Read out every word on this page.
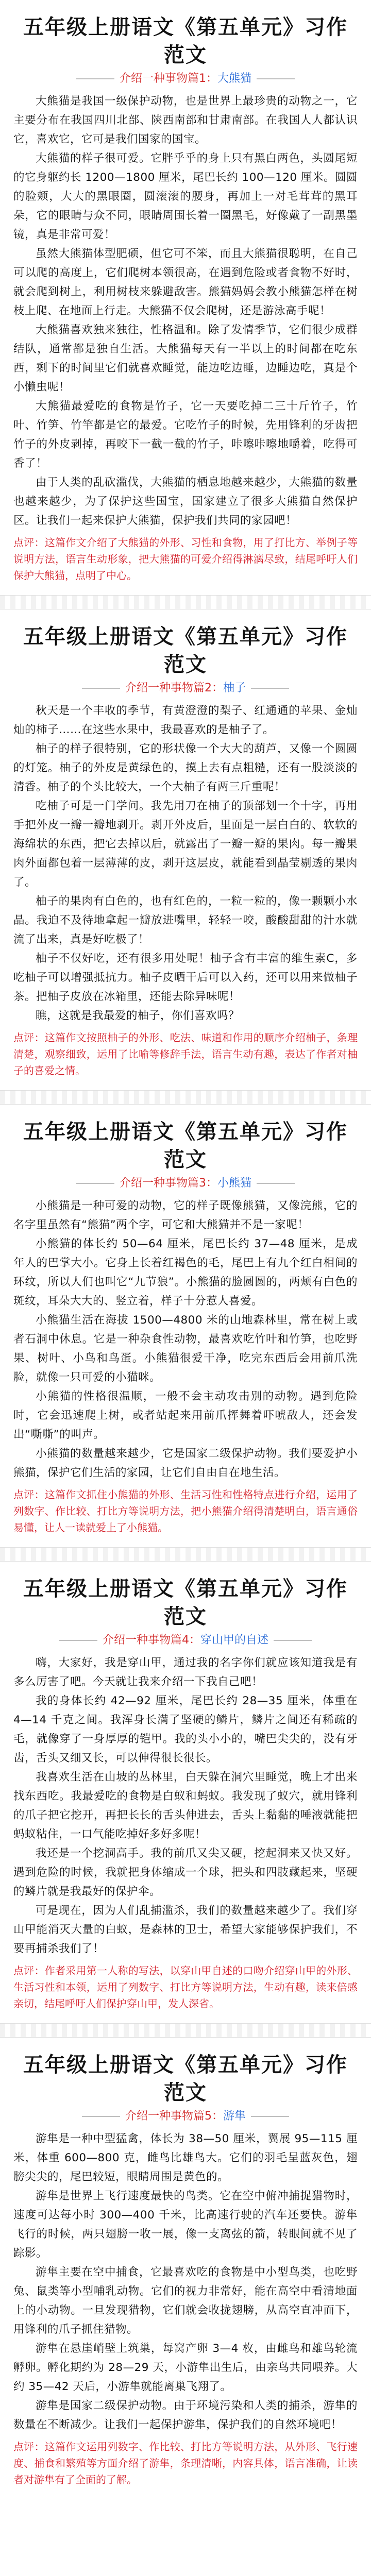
五年级上册语文《第五单元》习作范文
介绍一种事物篇1：大熊猫

大熊猫是我国一级保护动物，也是世界上最珍贵的动物之一，它主要分布在我国四川北部、陕西南部和甘肃南部。在我国人人都认识它，喜欢它，它可是我们国家的国宝。

大熊猫的样子很可爱。它胖乎乎的身上只有黑白两色，头圆尾短的它身躯约长 1200—1800 厘米，尾巴长约 100—120 厘米。圆圆的脸颊，大大的黑眼圈，圆滚滚的腰身，再加上一对毛茸茸的黑耳朵，它的眼睛与众不同，眼睛周围长着一圈黑毛，好像戴了一副黑墨镜，真是非常可爱！

虽然大熊猫体型肥硕，但它可不笨，而且大熊猫很聪明，在自己可以爬的高度上，它们爬树本领很高，在遇到危险或者食物不好时，就会爬到树上，利用树枝来躲避敌害。熊猫妈妈会教小熊猫怎样在树枝上爬、在地面上行走。大熊猫不仅会爬树，还是游泳高手呢！

大熊猫喜欢独来独往，性格温和。除了发情季节，它们很少成群结队，通常都是独自生活。大熊猫每天有一半以上的时间都在吃东西，剩下的时间里它们就喜欢睡觉，能边吃边睡，边睡边吃，真是个小懒虫呢！

大熊猫最爱吃的食物是竹子，它一天要吃掉二三十斤竹子，竹叶、竹笋、竹竿都是它的最爱。它吃竹子的时候，先用锋利的牙齿把竹子的外皮剥掉，再咬下一截一截的竹子，咔嚓咔嚓地嚼着，吃得可香了！

由于人类的乱砍滥伐，大熊猫的栖息地越来越少，大熊猫的数量也越来越少，为了保护这些国宝，国家建立了很多大熊猫自然保护区。让我们一起来保护大熊猫，保护我们共同的家园吧！

点评：这篇作文介绍了大熊猫的外形、习性和食物，用了打比方、举例子等说明方法，语言生动形象，把大熊猫的可爱介绍得淋漓尽致，结尾呼吁人们保护大熊猫，点明了中心。

五年级上册语文《第五单元》习作范文
介绍一种事物篇2：柚子

秋天是一个丰收的季节，有黄澄澄的梨子、红通通的苹果、金灿灿的柿子……在这些水果中，我最喜欢的是柚子了。

柚子的样子很特别，它的形状像一个大大的葫芦，又像一个圆圆的灯笼。柚子的外皮是黄绿色的，摸上去有点粗糙，还有一股淡淡的清香。柚子的个头比较大，一个大柚子有两三斤重呢！

吃柚子可是一门学问。我先用刀在柚子的顶部划一个十字，再用手把外皮一瓣一瓣地剥开。剥开外皮后，里面是一层白白的、软软的海绵状的东西，把它去掉以后，就露出了一瓣一瓣的果肉。每一瓣果肉外面都包着一层薄薄的皮，剥开这层皮，就能看到晶莹剔透的果肉了。

柚子的果肉有白色的，也有红色的，一粒一粒的，像一颗颗小水晶。我迫不及待地拿起一瓣放进嘴里，轻轻一咬，酸酸甜甜的汁水就流了出来，真是好吃极了！

柚子不仅好吃，还有很多用处呢！柚子含有丰富的维生素C，多吃柚子可以增强抵抗力。柚子皮晒干后可以入药，还可以用来做柚子茶。把柚子皮放在冰箱里，还能去除异味呢！

瞧，这就是我最爱的柚子，你们喜欢吗？

点评：这篇作文按照柚子的外形、吃法、味道和作用的顺序介绍柚子，条理清楚，观察细致，运用了比喻等修辞手法，语言生动有趣，表达了作者对柚子的喜爱之情。

五年级上册语文《第五单元》习作范文
介绍一种事物篇3：小熊猫

小熊猫是一种可爱的动物，它的样子既像熊猫，又像浣熊，它的名字里虽然有“熊猫”两个字，可它和大熊猫并不是一家呢！

小熊猫的体长约 50—64 厘米，尾巴长约 37—48 厘米，是成年人的巴掌大小。它身上长着红褐色的毛，尾巴上有九个红白相间的环纹，所以人们也叫它“九节狼”。小熊猫的脸圆圆的，两颊有白色的斑纹，耳朵大大的、竖立着，样子十分惹人喜爱。

小熊猫生活在海拔 1500—4800 米的山地森林里，常在树上或者石洞中休息。它是一种杂食性动物，最喜欢吃竹叶和竹笋，也吃野果、树叶、小鸟和鸟蛋。小熊猫很爱干净，吃完东西后会用前爪洗脸，就像一只可爱的小猫咪。

小熊猫的性格很温顺，一般不会主动攻击别的动物。遇到危险时，它会迅速爬上树，或者站起来用前爪挥舞着吓唬敌人，还会发出“嘶嘶”的叫声。

小熊猫的数量越来越少，它是国家二级保护动物。我们要爱护小熊猫，保护它们生活的家园，让它们自由自在地生活。

点评：这篇作文抓住小熊猫的外形、生活习性和性格特点进行介绍，运用了列数字、作比较、打比方等说明方法，把小熊猫介绍得清楚明白，语言通俗易懂，让人一读就爱上了小熊猫。

五年级上册语文《第五单元》习作范文
介绍一种事物篇4：穿山甲的自述

嗨，大家好，我是穿山甲，通过我的名字你们就应该知道我是有多么厉害了吧。今天就让我来介绍一下我自己吧！

我的身体长约 42—92 厘米，尾巴长约 28—35 厘米，体重在 4—14 千克之间。我浑身长满了坚硬的鳞片，鳞片之间还有稀疏的毛，就像穿了一身厚厚的铠甲。我的头小小的，嘴巴尖尖的，没有牙齿，舌头又细又长，可以伸得很长很长。

我喜欢生活在山坡的丛林里，白天躲在洞穴里睡觉，晚上才出来找东西吃。我最爱吃的食物是白蚁和蚂蚁。我发现了蚁穴，就用锋利的爪子把它挖开，再把长长的舌头伸进去，舌头上黏黏的唾液就能把蚂蚁粘住，一口气能吃掉好多好多呢！

我还是一个挖洞高手。我的前爪又尖又硬，挖起洞来又快又好。遇到危险的时候，我就把身体缩成一个球，把头和四肢藏起来，坚硬的鳞片就是我最好的保护伞。

可是现在，因为人们乱捕滥杀，我们的数量越来越少了。我们穿山甲能消灭大量的白蚁，是森林的卫士，希望大家能够保护我们，不要再捕杀我们了！

点评：作者采用第一人称的写法，以穿山甲自述的口吻介绍穿山甲的外形、生活习性和本领，运用了列数字、打比方等说明方法，生动有趣，读来倍感亲切，结尾呼吁人们保护穿山甲，发人深省。

五年级上册语文《第五单元》习作范文
介绍一种事物篇5：游隼

游隼是一种中型猛禽，体长为 38—50 厘米，翼展 95—115 厘米，体重 600—800 克，雌鸟比雄鸟大。它们的羽毛呈蓝灰色，翅膀尖尖的，尾巴较短，眼睛周围是黄色的。

游隼是世界上飞行速度最快的鸟类。它在空中俯冲捕捉猎物时，速度可达每小时 300—400 千米，比高速行驶的汽车还要快。游隼飞行的时候，两只翅膀一收一展，像一支离弦的箭，转眼间就不见了踪影。

游隼主要在空中捕食，它最喜欢吃的食物是中小型鸟类，也吃野兔、鼠类等小型哺乳动物。它们的视力非常好，能在高空中看清地面上的小动物。一旦发现猎物，它们就会收拢翅膀，从高空直冲而下，用锋利的爪子抓住猎物。

游隼在悬崖峭壁上筑巢，每窝产卵 3—4 枚，由雌鸟和雄鸟轮流孵卵。孵化期约为 28—29 天，小游隼出生后，由亲鸟共同喂养。大约 35—42 天后，小游隼就能离巢飞翔了。

游隼是国家二级保护动物。由于环境污染和人类的捕杀，游隼的数量在不断减少。让我们一起保护游隼，保护我们的自然环境吧！

点评：这篇作文运用列数字、作比较、打比方等说明方法，从外形、飞行速度、捕食和繁殖等方面介绍了游隼，条理清晰，内容具体，语言准确，让读者对游隼有了全面的了解。
